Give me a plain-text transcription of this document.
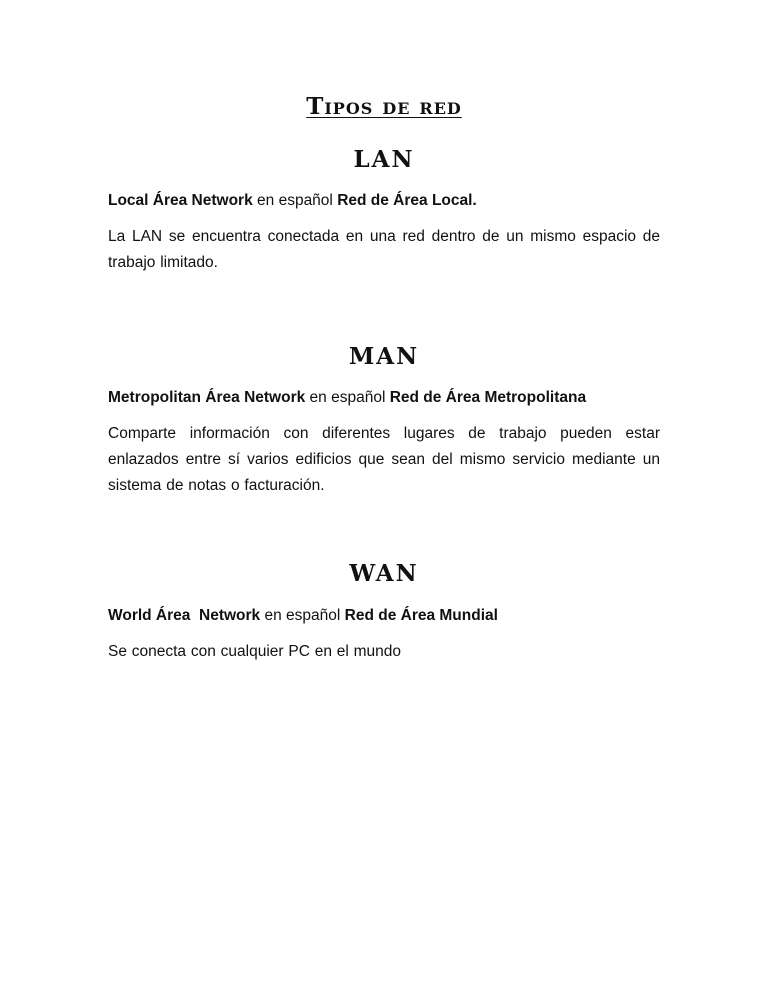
Tipos de red
LAN
Local Área Network en español Red de Área Local.
La LAN se encuentra conectada en una red dentro de un mismo espacio de trabajo limitado.
MAN
Metropolitan Área Network en español Red de Área Metropolitana
Comparte información con diferentes lugares de trabajo pueden estar enlazados entre sí varios edificios que sean del mismo servicio mediante un sistema de notas o facturación.
WAN
World Área  Network en español Red de Área Mundial
Se conecta con cualquier PC en el mundo
